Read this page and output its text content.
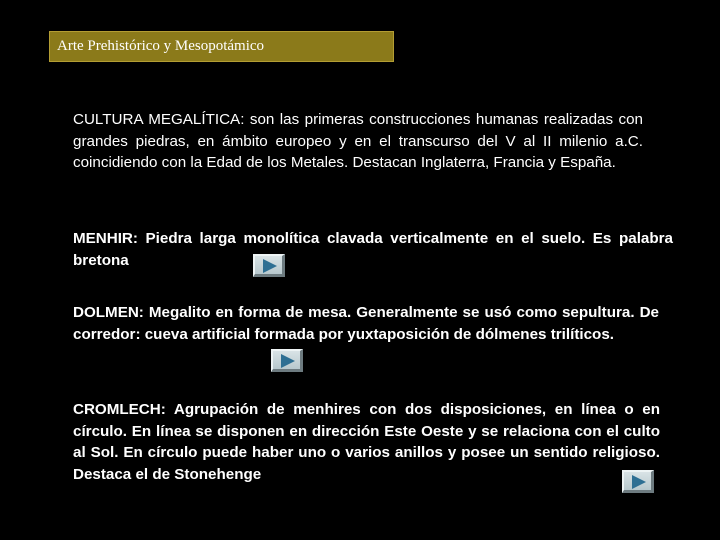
Arte Prehistórico y Mesopotámico

CULTURA MEGALÍTICA: son las primeras construcciones humanas realizadas con grandes piedras, en ámbito europeo y en el transcurso del V al II milenio a.C. coincidiendo con la Edad de los Metales. Destacan Inglaterra, Francia y España.

MENHIR: Piedra larga monolítica clavada verticalmente en el suelo. Es palabra bretona

DOLMEN: Megalito en forma de mesa. Generalmente se usó como sepultura. De corredor: cueva artificial formada por yuxtaposición de dólmenes trilíticos.

CROMLECH: Agrupación de menhires con dos disposiciones, en línea o en círculo. En línea se disponen en dirección Este Oeste y se relaciona con el culto al Sol. En círculo puede haber uno o varios anillos y posee un sentido religioso. Destaca el de Stonehenge
